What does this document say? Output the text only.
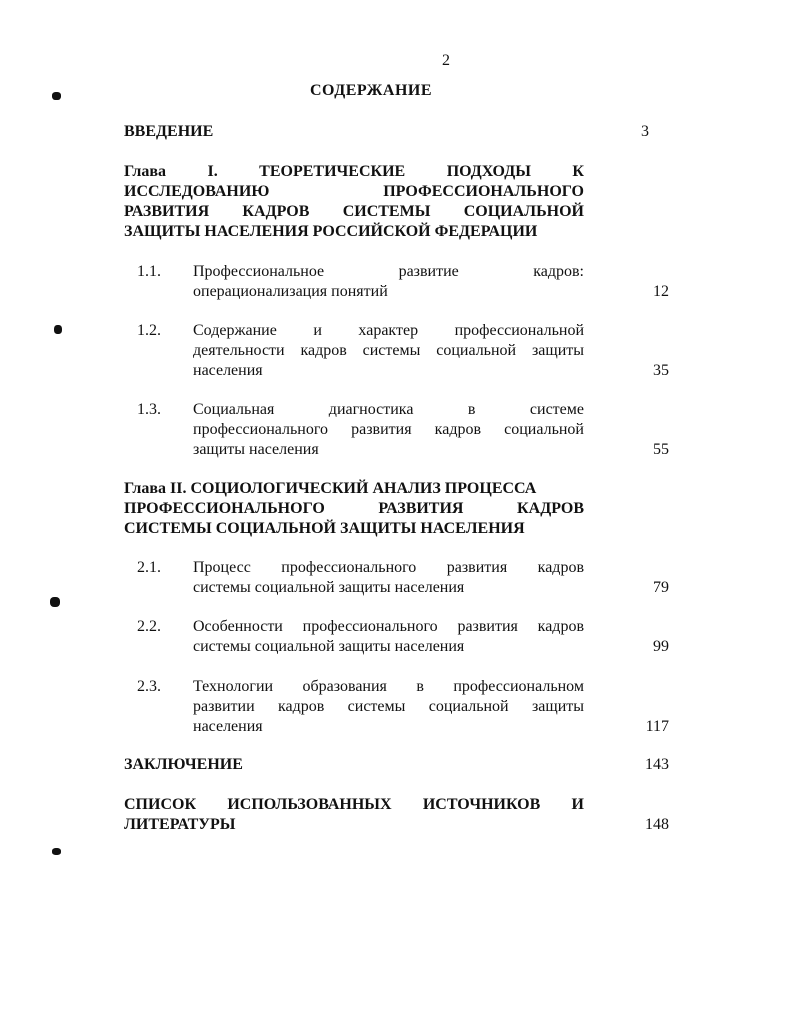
2
СОДЕРЖАНИЕ
ВВЕДЕНИЕ	3
Глава I. ТЕОРЕТИЧЕСКИЕ ПОДХОДЫ К
ИССЛЕДОВАНИЮ ПРОФЕССИОНАЛЬНОГО
РАЗВИТИЯ КАДРОВ СИСТЕМЫ СОЦИАЛЬНОЙ
ЗАЩИТЫ НАСЕЛЕНИЯ РОССИЙСКОЙ ФЕДЕРАЦИИ
1.1. Профессиональное развитие кадров:
операционализация понятий	12
1.2. Содержание и характер профессиональной
деятельности кадров системы социальной защиты
населения	35
1.3. Социальная диагностика в системе
профессионального развития кадров социальной
защиты населения	55
Глава II. СОЦИОЛОГИЧЕСКИЙ АНАЛИЗ ПРОЦЕССА
ПРОФЕССИОНАЛЬНОГО РАЗВИТИЯ КАДРОВ
СИСТЕМЫ СОЦИАЛЬНОЙ ЗАЩИТЫ НАСЕЛЕНИЯ
2.1. Процесс профессионального развития кадров
системы социальной защиты населения	79
2.2. Особенности профессионального развития кадров
системы социальной защиты населения	99
2.3. Технологии образования в профессиональном
развитии кадров системы социальной защиты
населения	117
ЗАКЛЮЧЕНИЕ	143
СПИСОК ИСПОЛЬЗОВАННЫХ ИСТОЧНИКОВ И
ЛИТЕРАТУРЫ	148
